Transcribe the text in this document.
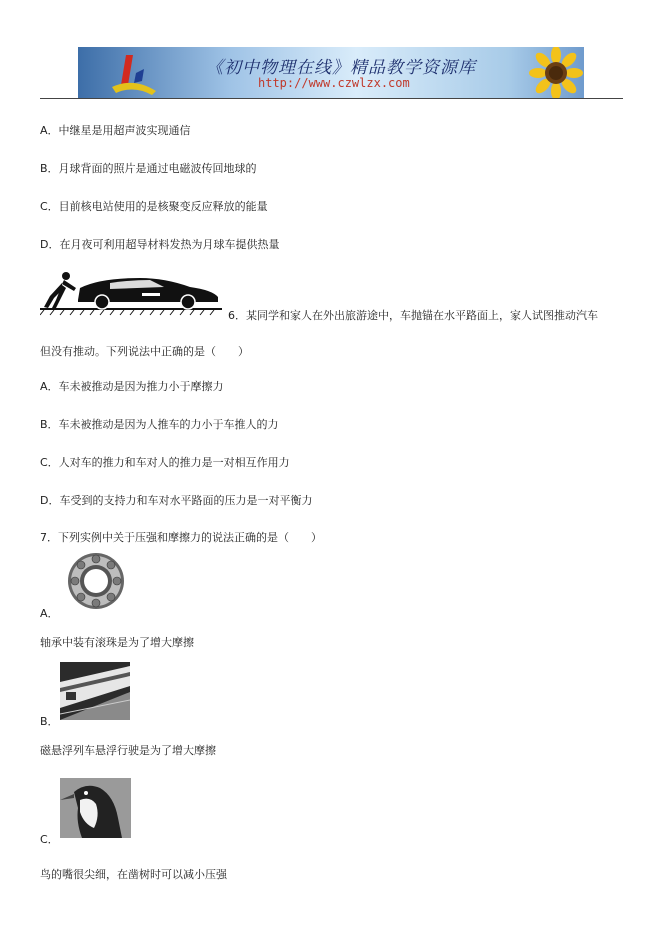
《初中物理在线》精品教学资源库
http://www.czwlzx.com
A．中继星是用超声波实现通信
B．月球背面的照片是通过电磁波传回地球的
C．目前核电站使用的是核聚变反应释放的能量
D．在月夜可利用超导材料发热为月球车提供热量
6．某同学和家人在外出旅游途中，车抛锚在水平路面上，家人试图推动汽车
但没有推动。下列说法中正确的是（　　）
A．车未被推动是因为推力小于摩擦力
B．车未被推动是因为人推车的力小于车推人的力
C．人对车的推力和车对人的推力是一对相互作用力
D．车受到的支持力和车对水平路面的压力是一对平衡力
7．下列实例中关于压强和摩擦力的说法正确的是（　　）
A．
轴承中装有滚珠是为了增大摩擦
B．
磁悬浮列车悬浮行驶是为了增大摩擦
C．
鸟的嘴很尖细，在凿树时可以减小压强
